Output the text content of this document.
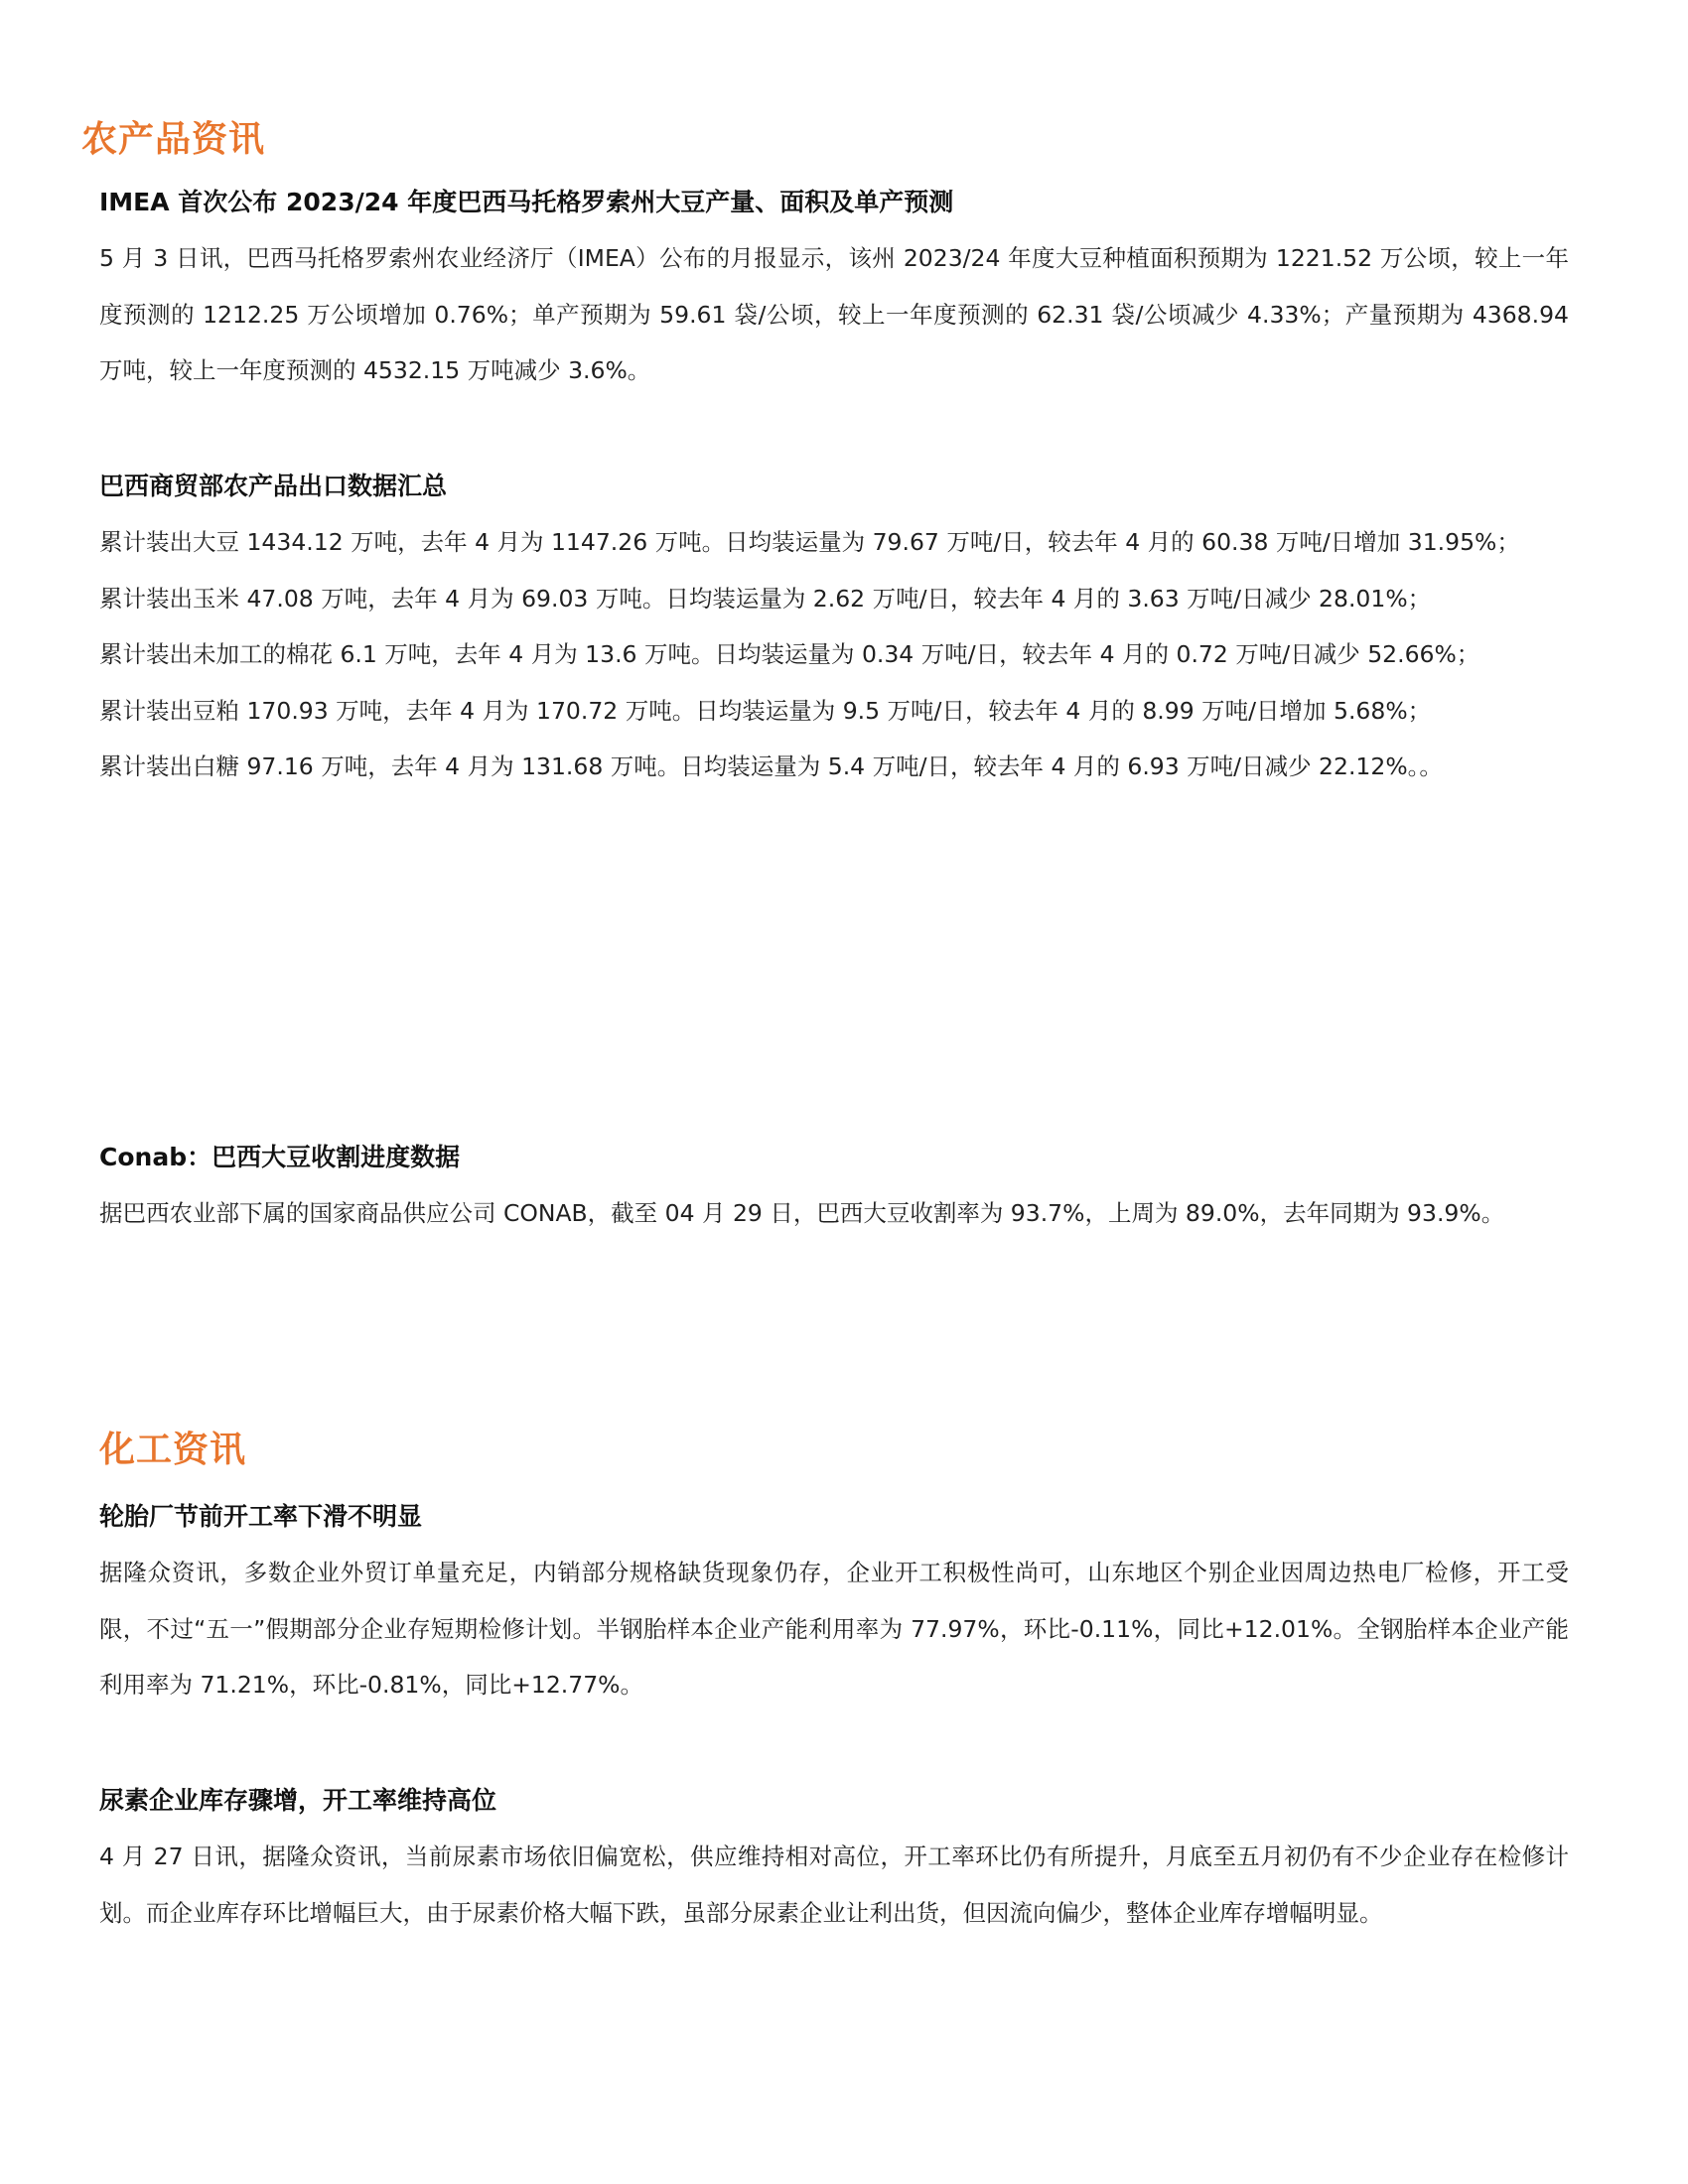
农产品资讯
IMEA 首次公布 2023/24 年度巴西马托格罗索州大豆产量、面积及单产预测

5 月 3 日讯，巴西马托格罗索州农业经济厅（IMEA）公布的月报显示，该州 2023/24 年度大豆种植面积预期为 1221.52 万公顷，较上一年度预测的 1212.25 万公顷增加 0.76%；单产预期为 59.61 袋/公顷，较上一年度预测的 62.31 袋/公顷减少 4.33%；产量预期为 4368.94 万吨，较上一年度预测的 4532.15 万吨减少 3.6%。

巴西商贸部农产品出口数据汇总

累计装出大豆 1434.12 万吨，去年 4 月为 1147.26 万吨。日均装运量为 79.67 万吨/日，较去年 4 月的 60.38 万吨/日增加 31.95%；

累计装出玉米 47.08 万吨，去年 4 月为 69.03 万吨。日均装运量为 2.62 万吨/日，较去年 4 月的 3.63 万吨/日减少 28.01%；

累计装出未加工的棉花 6.1 万吨，去年 4 月为 13.6 万吨。日均装运量为 0.34 万吨/日，较去年 4 月的 0.72 万吨/日减少 52.66%；

累计装出豆粕 170.93 万吨，去年 4 月为 170.72 万吨。日均装运量为 9.5 万吨/日，较去年 4 月的 8.99 万吨/日增加 5.68%；

累计装出白糖 97.16 万吨，去年 4 月为 131.68 万吨。日均装运量为 5.4 万吨/日，较去年 4 月的 6.93 万吨/日减少 22.12%。。

Conab：巴西大豆收割进度数据

据巴西农业部下属的国家商品供应公司 CONAB，截至 04 月 29 日，巴西大豆收割率为 93.7%，上周为 89.0%，去年同期为 93.9%。

化工资讯
轮胎厂节前开工率下滑不明显

据隆众资讯，多数企业外贸订单量充足，内销部分规格缺货现象仍存，企业开工积极性尚可，山东地区个别企业因周边热电厂检修，开工受限，不过“五一”假期部分企业存短期检修计划。半钢胎样本企业产能利用率为 77.97%，环比-0.11%，同比+12.01%。全钢胎样本企业产能利用率为 71.21%，环比-0.81%，同比+12.77%。

尿素企业库存骤增，开工率维持高位

4 月 27 日讯，据隆众资讯，当前尿素市场依旧偏宽松，供应维持相对高位，开工率环比仍有所提升，月底至五月初仍有不少企业存在检修计划。而企业库存环比增幅巨大，由于尿素价格大幅下跌，虽部分尿素企业让利出货，但因流向偏少，整体企业库存增幅明显。
